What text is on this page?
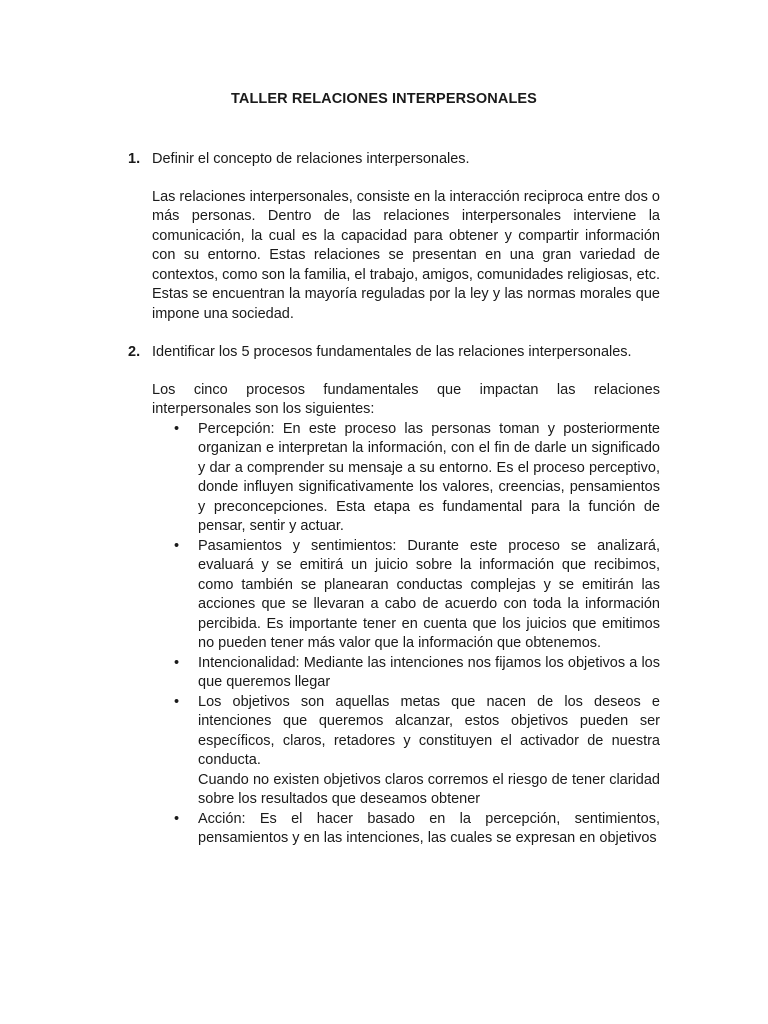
TALLER RELACIONES INTERPERSONALES

1. Definir el concepto de relaciones interpersonales.

Las relaciones interpersonales, consiste en la interacción reciproca entre dos o más personas. Dentro de las relaciones interpersonales interviene la comunicación, la cual es la capacidad para obtener y compartir información con su entorno. Estas relaciones se presentan en una gran variedad de contextos, como son la familia, el trabajo, amigos, comunidades religiosas, etc. Estas se encuentran la mayoría reguladas por la ley y las normas morales que impone una sociedad.

2. Identificar los 5 procesos fundamentales de las relaciones interpersonales.

Los cinco procesos fundamentales que impactan las relaciones interpersonales son los siguientes:

• Percepción: En este proceso las personas toman y posteriormente organizan e interpretan la información, con el fin de darle un significado y dar a comprender su mensaje a su entorno. Es el proceso perceptivo, donde influyen significativamente los valores, creencias, pensamientos y preconcepciones. Esta etapa es fundamental para la función de pensar, sentir y actuar.
• Pasamientos y sentimientos: Durante este proceso se analizará, evaluará y se emitirá un juicio sobre la información que recibimos, como también se planearan conductas complejas y se emitirán las acciones que se llevaran a cabo de acuerdo con toda la información percibida. Es importante tener en cuenta que los juicios que emitimos no pueden tener más valor que la información que obtenemos.
• Intencionalidad: Mediante las intenciones nos fijamos los objetivos a los que queremos llegar
• Los objetivos son aquellas metas que nacen de los deseos e intenciones que queremos alcanzar, estos objetivos pueden ser específicos, claros, retadores y constituyen el activador de nuestra conducta.
Cuando no existen objetivos claros corremos el riesgo de tener claridad sobre los resultados que deseamos obtener
• Acción: Es el hacer basado en la percepción, sentimientos, pensamientos y en las intenciones, las cuales se expresan en objetivos
